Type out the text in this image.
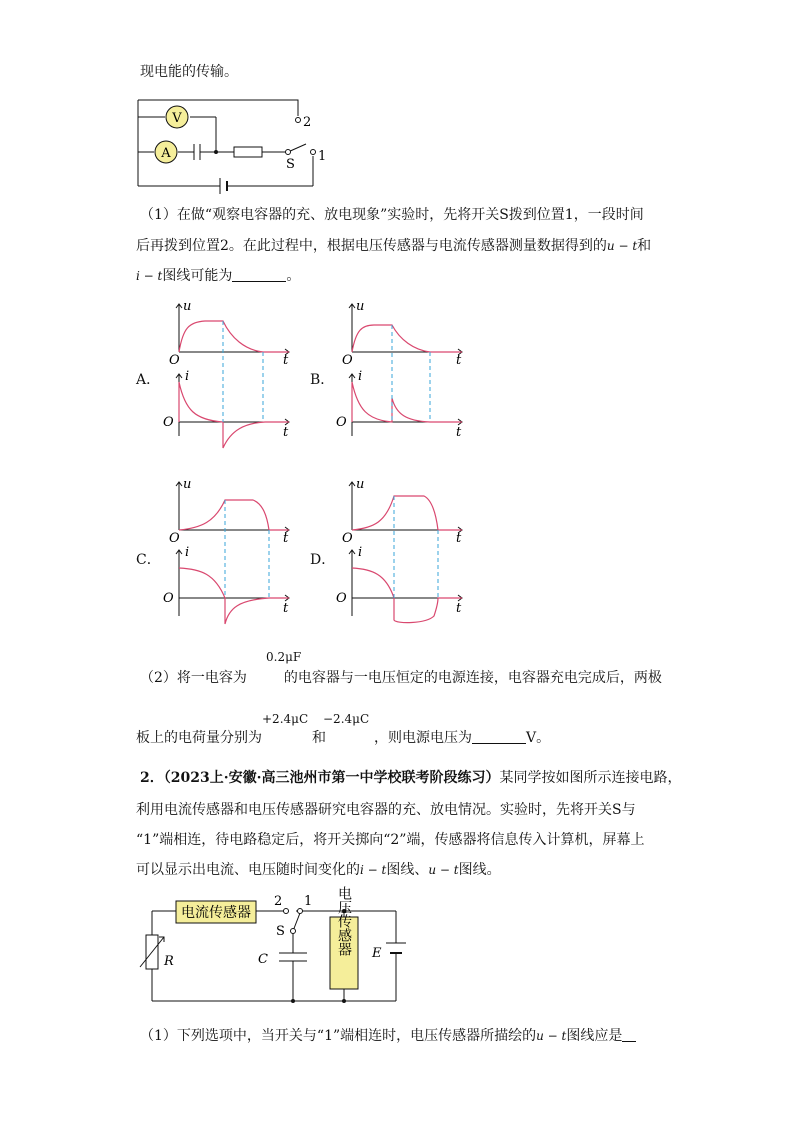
现电能的传输。
V
A
2
1
S
（1）在做“观察电容器的充、放电现象”实验时，先将开关S拨到位置1，一段时间
后再拨到位置2。在此过程中，根据电压传感器与电流传感器测量数据得到的u − t和
i − t图线可能为	。
A．	B．
C．	D．
u
t
O
i
O
t
u
t
O
i
O
t
u
t
O
i
O
t
u
t
O
i
O
t
0.2μF
（2）将一电容为	的电容器与一电压恒定的电源连接，电容器充电完成后，两极
+2.4μC −2.4μC
板上的电荷量分别为	和	，则电源电压为	V。
2．（2023上·安徽·高三池州市第一中学校联考阶段练习）某同学按如图所示连接电路，
利用电流传感器和电压传感器研究电容器的充、放电情况。实验时，先将开关S与
“1”端相连，待电路稳定后，将开关掷向“2”端，传感器将信息传入计算机，屏幕上
可以显示出电流、电压随时间变化的i − t图线、u − t图线。
电流传感器	电压传感器
2 1
S
C
R
E
（1）下列选项中，当开关与“1”端相连时，电压传感器所描绘的u − t图线应是
